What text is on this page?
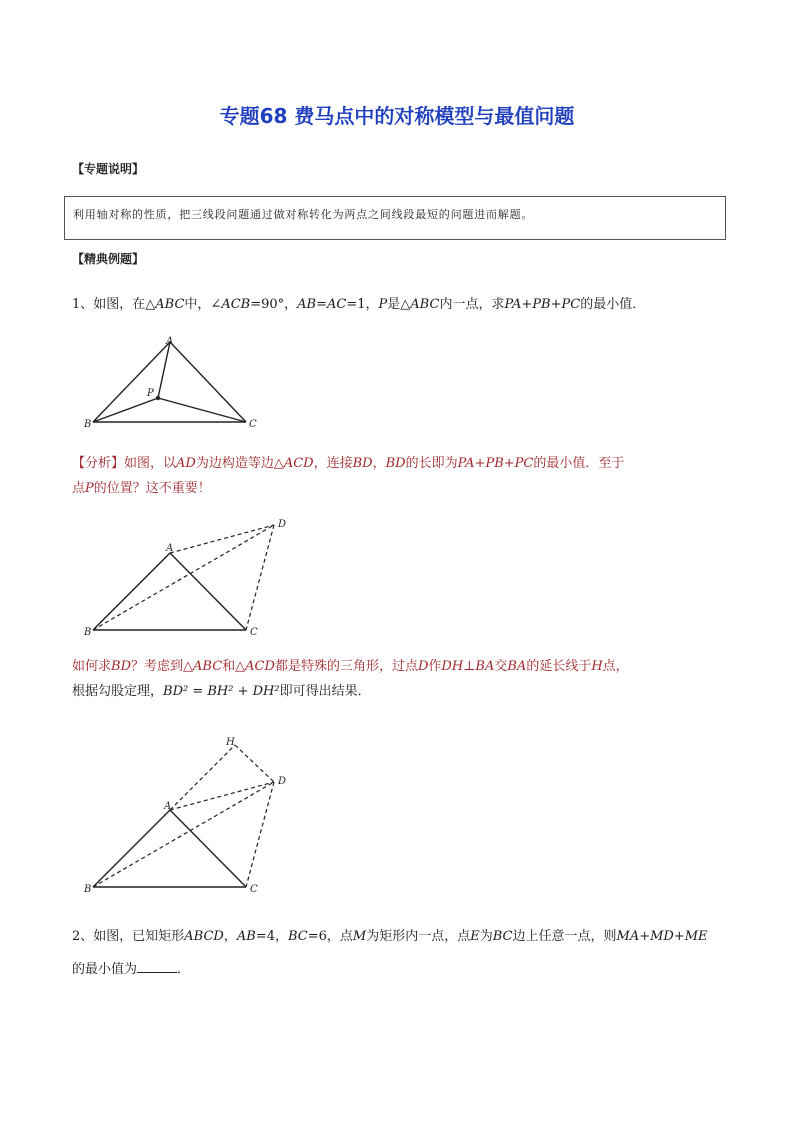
专题68 费马点中的对称模型与最值问题
【专题说明】
利用轴对称的性质，把三线段问题通过做对称转化为两点之间线段最短的问题进而解题。
【精典例题】
1、如图，在△ABC中，∠ACB=90°，AB=AC=1，P是△ABC内一点，求PA+PB+PC的最小值．
A
P
B	C
【分析】如图，以AD为边构造等边△ACD，连接BD，BD的长即为PA+PB+PC的最小值．至于
点P的位置？这不重要！
A
D
B	C
如何求BD？考虑到△ABC和△ACD都是特殊的三角形，过点D作DH⊥BA交BA的延长线于H点，
根据勾股定理，BD² = BH² + DH²即可得出结果．
H
A
D
B	C
2、如图，已知矩形ABCD，AB=4，BC=6，点M为矩形内一点，点E为BC边上任意一点，则MA+MD+ME
的最小值为	．
